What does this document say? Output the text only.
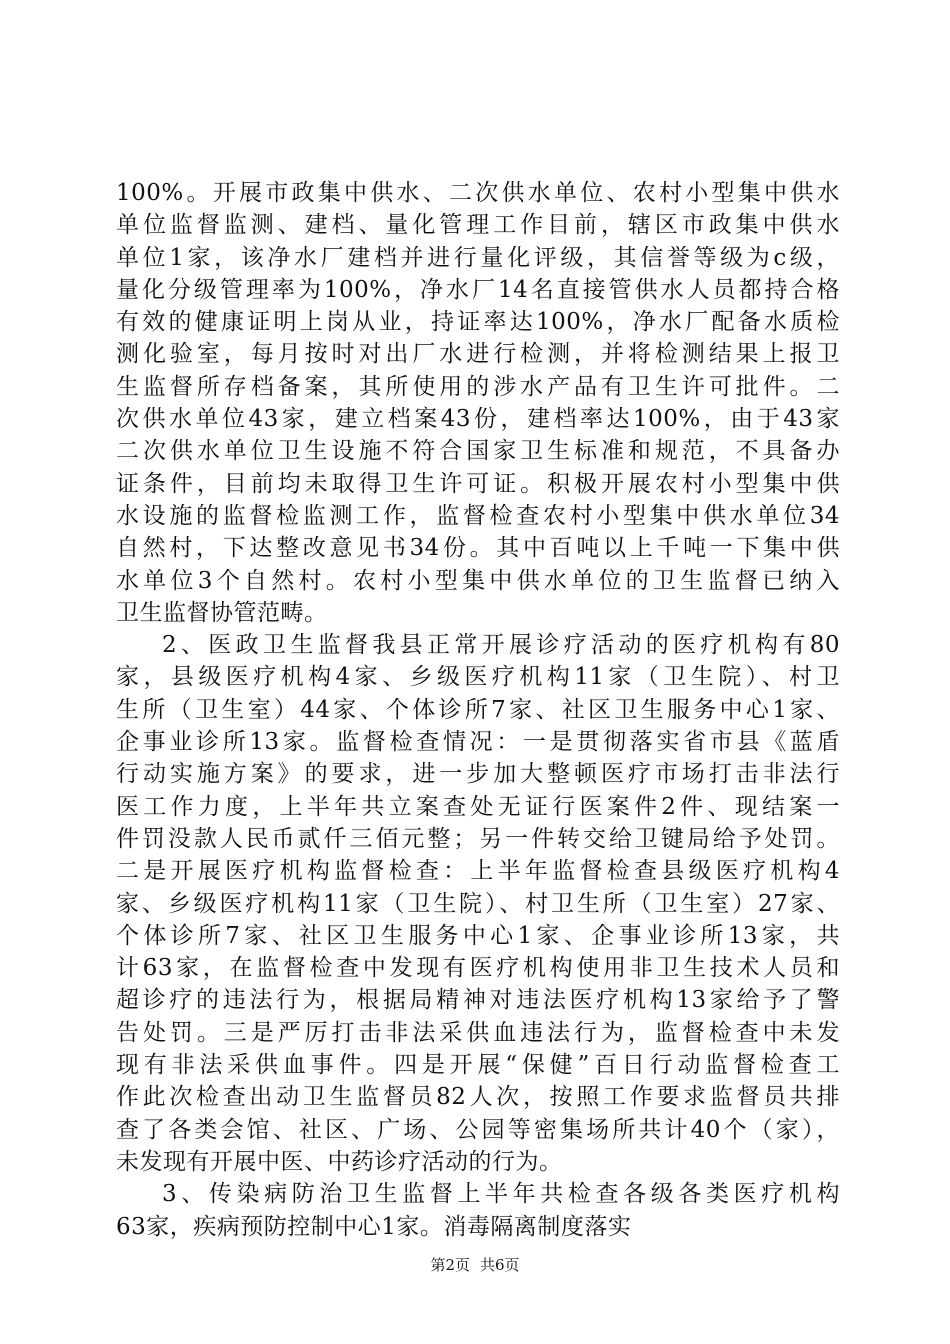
100%。开展市政集中供水、二次供水单位、农村小型集中供水
单位监督监测、建档、量化管理工作目前，辖区市政集中供水
单位1家，该净水厂建档并进行量化评级，其信誉等级为c级，
量化分级管理率为100%，净水厂14名直接管供水人员都持合格
有效的健康证明上岗从业，持证率达100%，净水厂配备水质检
测化验室，每月按时对出厂水进行检测，并将检测结果上报卫
生监督所存档备案，其所使用的涉水产品有卫生许可批件。二
次供水单位43家，建立档案43份，建档率达100%，由于43家
二次供水单位卫生设施不符合国家卫生标准和规范，不具备办
证条件，目前均未取得卫生许可证。积极开展农村小型集中供
水设施的监督检监测工作，监督检查农村小型集中供水单位34
自然村，下达整改意见书34份。其中百吨以上千吨一下集中供
水单位3个自然村。农村小型集中供水单位的卫生监督已纳入
卫生监督协管范畴。
2、医政卫生监督我县正常开展诊疗活动的医疗机构有80
家，县级医疗机构4家、乡级医疗机构11家（卫生院）、村卫
生所（卫生室）44家、个体诊所7家、社区卫生服务中心1家、
企事业诊所13家。监督检查情况：一是贯彻落实省市县《蓝盾
行动实施方案》的要求，进一步加大整顿医疗市场打击非法行
医工作力度，上半年共立案查处无证行医案件2件、现结案一
件罚没款人民币贰仟三佰元整；另一件转交给卫键局给予处罚。
二是开展医疗机构监督检查：上半年监督检查县级医疗机构4
家、乡级医疗机构11家（卫生院）、村卫生所（卫生室）27家、
个体诊所7家、社区卫生服务中心1家、企事业诊所13家，共
计63家，在监督检查中发现有医疗机构使用非卫生技术人员和
超诊疗的违法行为，根据局精神对违法医疗机构13家给予了警
告处罚。三是严厉打击非法采供血违法行为，监督检查中未发
现有非法采供血事件。四是开展“保健”百日行动监督检查工
作此次检查出动卫生监督员82人次，按照工作要求监督员共排
查了各类会馆、社区、广场、公园等密集场所共计40个（家），
未发现有开展中医、中药诊疗活动的行为。
3、传染病防治卫生监督上半年共检查各级各类医疗机构
63家，疾病预防控制中心1家。消毒隔离制度落实
第2页 共6页
